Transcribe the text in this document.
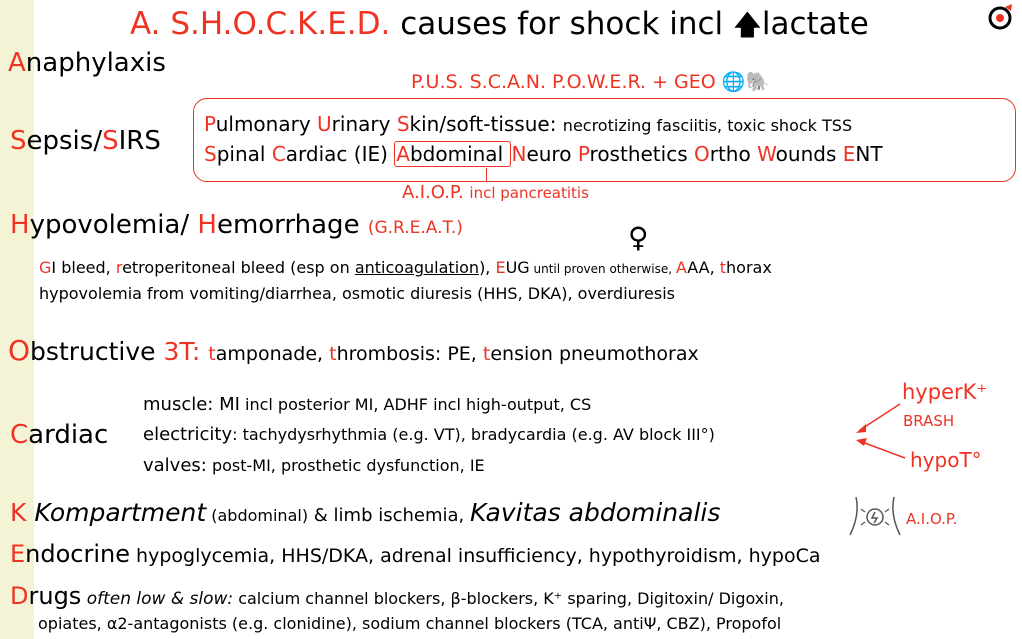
A. S.H.O.C.K.E.D. causes for shock incl 🡅lactate
Anaphylaxis
P.U.S. S.C.A.N. P.O.W.E.R. + GEO 🌐🐘
Sepsis/SIRS
Pulmonary Urinary Skin/soft-tissue: necrotizing fasciitis, toxic shock TSS
Spinal Cardiac (IE) Abdominal Neuro Prosthetics Ortho Wounds ENT
A.I.O.P. incl pancreatitis
Hypovolemia/ Hemorrhage (G.R.E.A.T.)	♀
GI bleed, retroperitoneal bleed (esp on anticoagulation), EUG until proven otherwise, AAA, thorax
hypovolemia from vomiting/diarrhea, osmotic diuresis (HHS, DKA), overdiuresis
Obstructive 3T: tamponade, thrombosis: PE, tension pneumothorax
Cardiac
muscle: MI incl posterior MI, ADHF incl high-output, CS
electricity: tachydysrhythmia (e.g. VT), bradycardia (e.g. AV block III°)
valves: post-MI, prosthetic dysfunction, IE
hyperK⁺
BRASH
hypoT°
K Kompartment (abdominal) & limb ischemia, Kavitas abdominalis	A.I.O.P.
Endocrine hypoglycemia, HHS/DKA, adrenal insufficiency, hypothyroidism, hypoCa
Drugs often low & slow: calcium channel blockers, β-blockers, K⁺ sparing, Digitoxin/ Digoxin,
opiates, α2-antagonists (e.g. clonidine), sodium channel blockers (TCA, antiΨ, CBZ), Propofol
